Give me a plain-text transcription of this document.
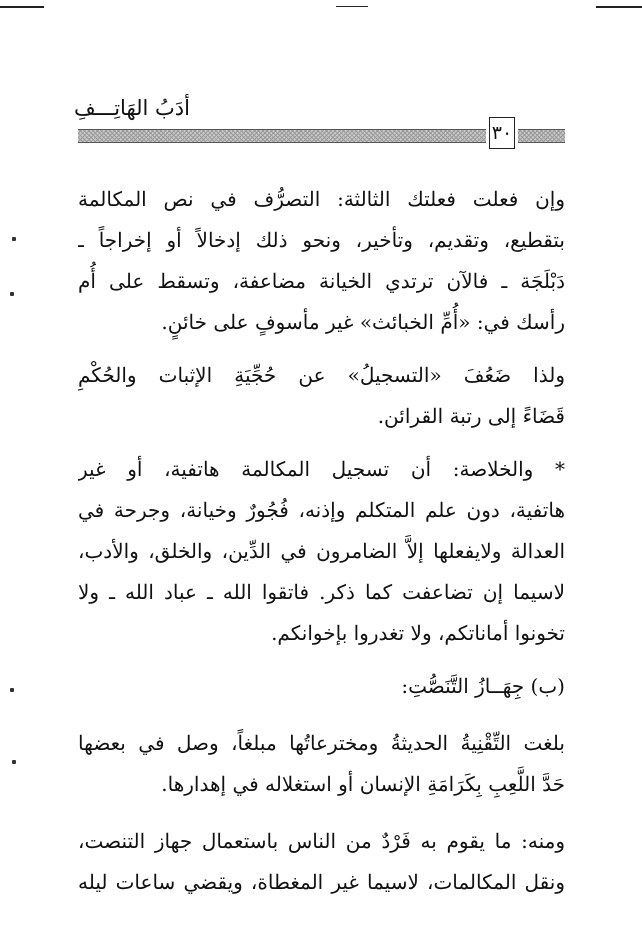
أدَبُ الهَاتِـــفِ
٣٠
وإن فعلت فعلتك الثالثة: التصرُّف في نص المكالمة
بتقطيع، وتقديم، وتأخير، ونحو ذلك إدخالاً أو إخراجاً ـ
دَبْلَجَة ـ فالآن ترتدي الخيانة مضاعفة، وتسقط على أُم
رأسك في: «أُمِّ الخبائث» غير مأسوفٍ على خائنٍ.
ولذا ضَعُفَ «التسجيلُ» عن حُجِّيَةِ الإثبات والحُكْمِ
قَضَاءً إلى رتبة القرائن.
* والخلاصة: أن تسجيل المكالمة هاتفية، أو غير
هاتفية، دون علم المتكلم وإذنه، فُجُورٌ وخيانة، وجرحة في
العدالة ولايفعلها إلاَّ الضامرون في الدِّين، والخلق، والأدب،
لاسيما إن تضاعفت كما ذكر. فاتقوا الله ـ عباد الله ـ ولا
تخونوا أماناتكم، ولا تغدروا بإخوانكم.
(ب) جِهَــازُ التَّنَصُّتِ:
بلغت التِّقْنِيةُ الحديثةُ ومخترعاتُها مبلغاً، وصل في بعضها
حَدَّ اللَّعِبِ بِكَرَامَةِ الإنسان أو استغلاله في إهدارها.
ومنه: ما يقوم به فَرْدٌ من الناس باستعمال جهاز التنصت،
ونقل المكالمات، لاسيما غير المغطاة، ويقضي ساعات ليله
